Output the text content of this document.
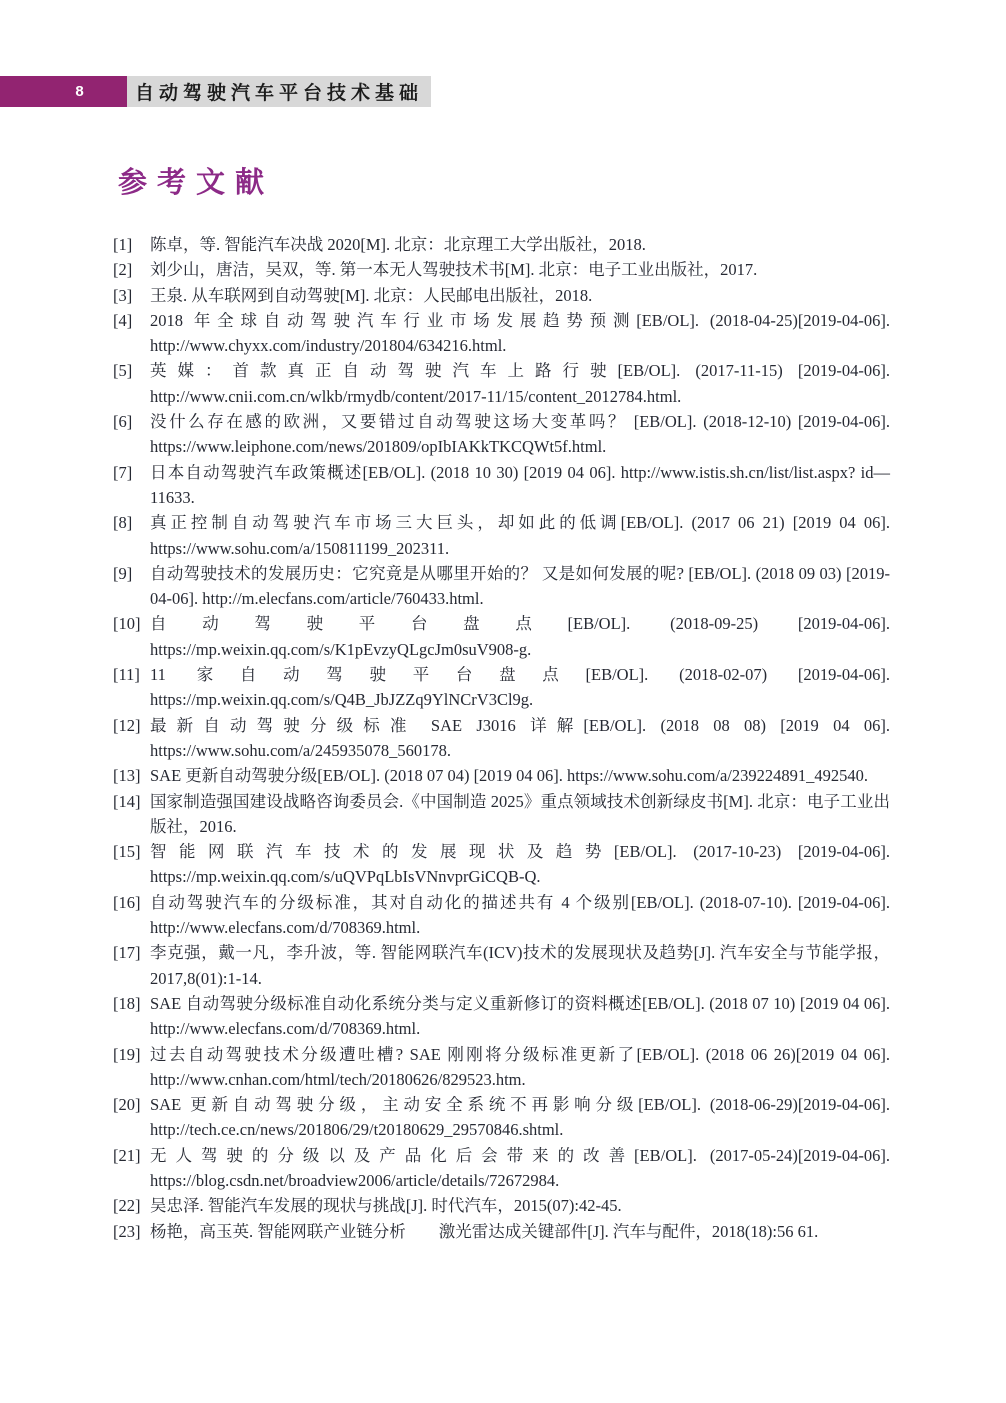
8	自动驾驶汽车平台技术基础
参考文献
[1]	陈卓，等. 智能汽车决战 2020[M]. 北京：北京理工大学出版社，2018.
[2]	刘少山，唐洁，吴双，等. 第一本无人驾驶技术书[M]. 北京：电子工业出版社，2017.
[3]	王泉. 从车联网到自动驾驶[M]. 北京：人民邮电出版社，2018.
[4]	2018 年全球自动驾驶汽车行业市场发展趋势预测[EB/OL]. (2018-04-25)[2019-04-06]. http://www.chyxx.com/industry/201804/634216.html.
[5]	英媒：首款真正自动驾驶汽车上路行驶[EB/OL]. (2017-11-15) [2019-04-06]. http://www.cnii.com.cn/wlkb/rmydb/content/2017-11/15/content_2012784.html.
[6]	没什么存在感的欧洲，又要错过自动驾驶这场大变革吗？ [EB/OL]. (2018-12-10) [2019-04-06]. https://www.leiphone.com/news/201809/opIbIAKkTKCQWt5f.html.
[7]	日本自动驾驶汽车政策概述[EB/OL]. (2018 10 30) [2019 04 06]. http://www.istis.sh.cn/list/list.aspx? id—11633.
[8]	真正控制自动驾驶汽车市场三大巨头，却如此的低调[EB/OL]. (2017 06 21) [2019 04 06]. https://www.sohu.com/a/150811199_202311.
[9]	自动驾驶技术的发展历史：它究竟是从哪里开始的？ 又是如何发展的呢? [EB/OL]. (2018 09 03) [2019-04-06]. http://m.elecfans.com/article/760433.html.
[10] 自动驾驶平台盘点[EB/OL]. (2018-09-25) [2019-04-06]. https://mp.weixin.qq.com/s/K1pEvzyQLgcJm0suV908-g.
[11] 11 家自动驾驶平台盘点[EB/OL]. (2018-02-07) [2019-04-06]. https://mp.weixin.qq.com/s/Q4B_JbJZZq9YlNCrV3Cl9g.
[12] 最新自动驾驶分级标准 SAE J3016 详解[EB/OL]. (2018 08 08) [2019 04 06]. https://www.sohu.com/a/245935078_560178.
[13] SAE 更新自动驾驶分级[EB/OL]. (2018 07 04) [2019 04 06]. https://www.sohu.com/a/239224891_492540.
[14] 国家制造强国建设战略咨询委员会.《中国制造 2025》重点领域技术创新绿皮书[M]. 北京：电子工业出版社，2016.
[15] 智能网联汽车技术的发展现状及趋势[EB/OL]. (2017-10-23) [2019-04-06]. https://mp.weixin.qq.com/s/uQVPqLbIsVNnvprGiCQB-Q.
[16] 自动驾驶汽车的分级标准，其对自动化的描述共有 4 个级别[EB/OL]. (2018-07-10). [2019-04-06]. http://www.elecfans.com/d/708369.html.
[17] 李克强，戴一凡，李升波，等. 智能网联汽车(ICV)技术的发展现状及趋势[J]. 汽车安全与节能学报，2017,8(01):1-14.
[18] SAE 自动驾驶分级标准自动化系统分类与定义重新修订的资料概述[EB/OL]. (2018 07 10) [2019 04 06]. http://www.elecfans.com/d/708369.html.
[19] 过去自动驾驶技术分级遭吐槽? SAE 刚刚将分级标准更新了[EB/OL]. (2018 06 26)[2019 04 06]. http://www.cnhan.com/html/tech/20180626/829523.htm.
[20] SAE 更新自动驾驶分级，主动安全系统不再影响分级[EB/OL]. (2018-06-29)[2019-04-06]. http://tech.ce.cn/news/201806/29/t20180629_29570846.shtml.
[21] 无人驾驶的分级以及产品化后会带来的改善[EB/OL]. (2017-05-24)[2019-04-06]. https://blog.csdn.net/broadview2006/article/details/72672984.
[22] 吴忠泽. 智能汽车发展的现状与挑战[J]. 时代汽车，2015(07):42-45.
[23] 杨艳，高玉英. 智能网联产业链分析　　激光雷达成关键部件[J]. 汽车与配件，2018(18):56 61.
